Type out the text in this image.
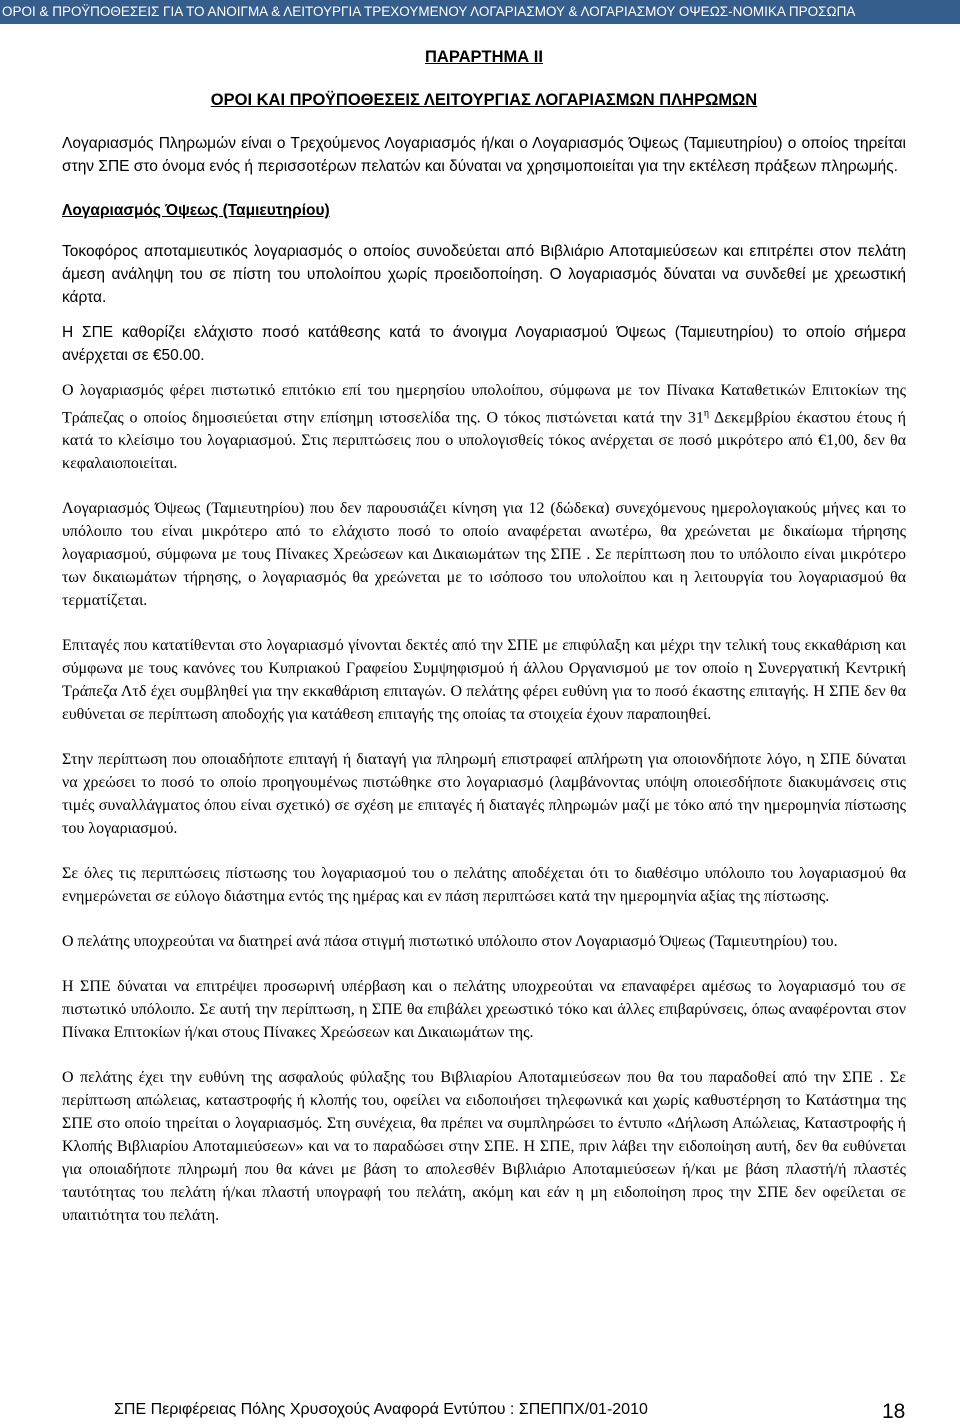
ΟΡΟΙ & ΠΡΟΫΠΟΘΕΣΕΙΣ ΓΙΑ ΤΟ ΑΝΟΙΓΜΑ & ΛΕΙΤΟΥΡΓΙΑ ΤΡΕΧΟΥΜΕΝΟΥ ΛΟΓΑΡΙΑΣΜΟΥ & ΛΟΓΑΡΙΑΣΜΟΥ ΟΨΕΩΣ-ΝΟΜΙΚΑ ΠΡΟΣΩΠΑ
ΠΑΡΑΡΤΗΜΑ ΙΙ
ΟΡΟΙ ΚΑΙ ΠΡΟΫΠΟΘΕΣΕΙΣ ΛΕΙΤΟΥΡΓΙΑΣ ΛΟΓΑΡΙΑΣΜΩΝ ΠΛΗΡΩΜΩΝ

Λογαριασμός Πληρωμών είναι ο Τρεχούμενος Λογαριασμός ή/και ο Λογαριασμός Όψεως (Ταμιευτηρίου) ο οποίος τηρείται στην ΣΠΕ στο όνομα ενός ή περισσοτέρων πελατών και δύναται να χρησιμοποιείται για την εκτέλεση πράξεων πληρωμής.

Λογαριασμός Όψεως (Ταμιευτηρίου)

Τοκοφόρος αποταμιευτικός λογαριασμός ο οποίος συνοδεύεται από Βιβλιάριο Αποταμιεύσεων και επιτρέπει στον πελάτη άμεση ανάληψη του σε πίστη του υπολοίπου χωρίς προειδοποίηση. Ο λογαριασμός δύναται να συνδεθεί με χρεωστική κάρτα.

Η ΣΠΕ καθορίζει ελάχιστο ποσό κατάθεσης κατά το άνοιγμα Λογαριασμού Όψεως (Ταμιευτηρίου) το οποίο σήμερα ανέρχεται σε €50.00.

Ο λογαριασμός φέρει πιστωτικό επιτόκιο επί του ημερησίου υπολοίπου, σύμφωνα με τον Πίνακα Καταθετικών Επιτοκίων της Τράπεζας ο οποίος δημοσιεύεται στην επίσημη ιστοσελίδα της. Ο τόκος πιστώνεται κατά την $31^\eta$ Δεκεμβρίου έκαστου έτους ή κατά το κλείσιμο του λογαριασμού. Στις περιπτώσεις που ο υπολογισθείς τόκος ανέρχεται σε ποσό μικρότερο από €1,00, δεν θα κεφαλαιοποιείται.

Λογαριασμός Όψεως (Ταμιευτηρίου) που δεν παρουσιάζει κίνηση για 12 (δώδεκα) συνεχόμενους ημερολογιακούς μήνες και το υπόλοιπο του είναι μικρότερο από το ελάχιστο ποσό το οποίο αναφέρεται ανωτέρω, θα χρεώνεται με δικαίωμα τήρησης λογαριασμού, σύμφωνα με τους Πίνακες Χρεώσεων και Δικαιωμάτων της ΣΠΕ . Σε περίπτωση που το υπόλοιπο είναι μικρότερο των δικαιωμάτων τήρησης, ο λογαριασμός θα χρεώνεται με το ισόποσο του υπολοίπου και η λειτουργία του λογαριασμού θα τερματίζεται.

Επιταγές που κατατίθενται στο λογαριασμό γίνονται δεκτές από την ΣΠΕ με επιφύλαξη και μέχρι την τελική τους εκκαθάριση και σύμφωνα με τους κανόνες του Κυπριακού Γραφείου Συμψηφισμού ή άλλου Οργανισμού με τον οποίο η Συνεργατική Κεντρική Τράπεζα Λτδ έχει συμβληθεί για την εκκαθάριση επιταγών. Ο πελάτης φέρει ευθύνη για το ποσό έκαστης επιταγής. Η ΣΠΕ δεν θα ευθύνεται σε περίπτωση αποδοχής για κατάθεση επιταγής της οποίας τα στοιχεία έχουν παραποιηθεί.

Στην περίπτωση που οποιαδήποτε επιταγή ή διαταγή για πληρωμή επιστραφεί απλήρωτη για οποιονδήποτε λόγο, η ΣΠΕ δύναται να χρεώσει το ποσό το οποίο προηγουμένως πιστώθηκε στο λογαριασμό (λαμβάνοντας υπόψη οποιεσδήποτε διακυμάνσεις στις τιμές συναλλάγματος όπου είναι σχετικό) σε σχέση με επιταγές ή διαταγές πληρωμών μαζί με τόκο από την ημερομηνία πίστωσης του λογαριασμού.

Σε όλες τις περιπτώσεις πίστωσης του λογαριασμού του ο πελάτης αποδέχεται ότι το διαθέσιμο υπόλοιπο του λογαριασμού θα ενημερώνεται σε εύλογο διάστημα εντός της ημέρας και εν πάση περιπτώσει κατά την ημερομηνία αξίας της πίστωσης.

Ο πελάτης υποχρεούται να διατηρεί ανά πάσα στιγμή πιστωτικό υπόλοιπο στον Λογαριασμό Όψεως (Ταμιευτηρίου) του.

Η ΣΠΕ δύναται να επιτρέψει προσωρινή υπέρβαση και ο πελάτης υποχρεούται να επαναφέρει αμέσως το λογαριασμό του σε πιστωτικό υπόλοιπο. Σε αυτή την περίπτωση, η ΣΠΕ θα επιβάλει χρεωστικό τόκο και άλλες επιβαρύνσεις, όπως αναφέρονται στον Πίνακα Επιτοκίων ή/και στους Πίνακες Χρεώσεων και Δικαιωμάτων της.

Ο πελάτης έχει την ευθύνη της ασφαλούς φύλαξης του Βιβλιαρίου Αποταμιεύσεων που θα του παραδοθεί από την ΣΠΕ . Σε περίπτωση απώλειας, καταστροφής ή κλοπής του, οφείλει να ειδοποιήσει τηλεφωνικά και χωρίς καθυστέρηση το Κατάστημα της ΣΠΕ στο οποίο τηρείται ο λογαριασμός. Στη συνέχεια, θα πρέπει να συμπληρώσει το έντυπο «Δήλωση Απώλειας, Καταστροφής ή Κλοπής Βιβλιαρίου Αποταμιεύσεων» και να το παραδώσει στην ΣΠΕ. Η ΣΠΕ, πριν λάβει την ειδοποίηση αυτή, δεν θα ευθύνεται για οποιαδήποτε πληρωμή που θα κάνει με βάση το απολεσθέν Βιβλιάριο Αποταμιεύσεων ή/και με βάση πλαστή/ή πλαστές ταυτότητας του πελάτη ή/και πλαστή υπογραφή του πελάτη, ακόμη και εάν η μη ειδοποίηση προς την ΣΠΕ δεν οφείλεται σε υπαιτιότητα του πελάτη.

ΣΠΕ Περιφέρειας Πόλης Χρυσοχούς Αναφορά Εντύπου : ΣΠΕΠΠΧ/01-2010	18
